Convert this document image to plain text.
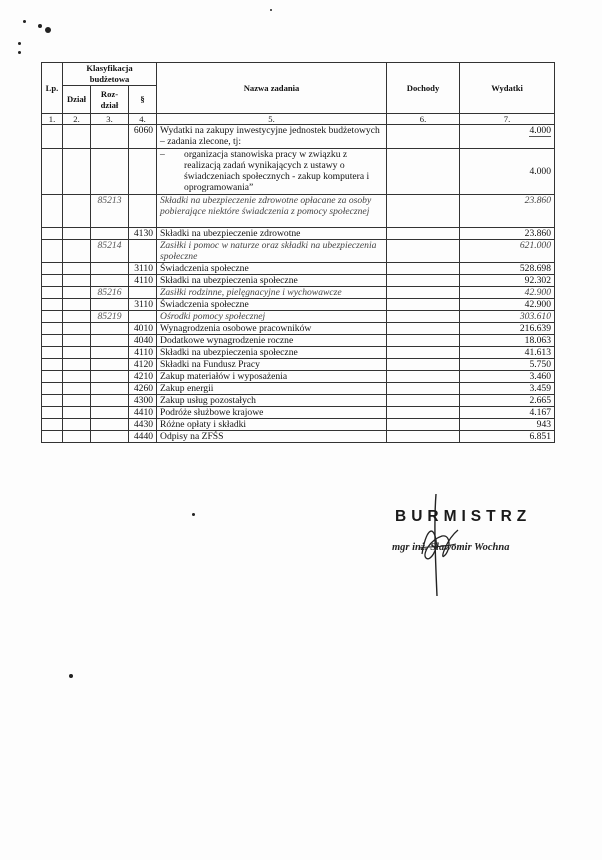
Lp.	Klasyfikacja budżetowa			Nazwa zadania	Dochody	Wydatki
	Dział	Roz-dział	§			

1.	2.	3.	4.	5.	6.	7.
			6060	Wydatki na zakupy inwestycyjne jednostek budżetowych – zadania zlecone, tj:		4.000

				– organizacja stanowiska pracy w związku z realizacją zadań wynikających z ustawy o świadczeniach społecznych - zakup komputera i oprogramowania”		4.000
		85213		Składki na ubezpieczenie zdrowotne opłacane za osoby pobierające niektóre świadczenia z pomocy społecznej		23.860
			4130	Składki na ubezpieczenie zdrowotne		23.860
		85214		Zasiłki i pomoc w naturze oraz składki na ubezpieczenia społeczne		621.000
			3110	Świadczenia społeczne		528.698
			4110	Składki na ubezpieczenia społeczne		92.302
		85216		Zasiłki rodzinne, pielęgnacyjne i wychowawcze		42.900
			3110	Świadczenia społeczne		42.900
		85219		Ośrodki pomocy społecznej		303.610
			4010	Wynagrodzenia osobowe pracowników		216.639
			4040	Dodatkowe wynagrodzenie roczne		18.063
			4110	Składki na ubezpieczenia społeczne		41.613
			4120	Składki na Fundusz Pracy		5.750
			4210	Zakup materiałów i wyposażenia		3.460
			4260	Zakup energii		3.459
			4300	Zakup usług pozostałych		2.665
			4410	Podróże służbowe krajowe		4.167
			4430	Różne opłaty i składki		943
			4440	Odpisy na ZFŚS		6.851
BURMISTRZ
mgr inż. Sławomir Wochna
